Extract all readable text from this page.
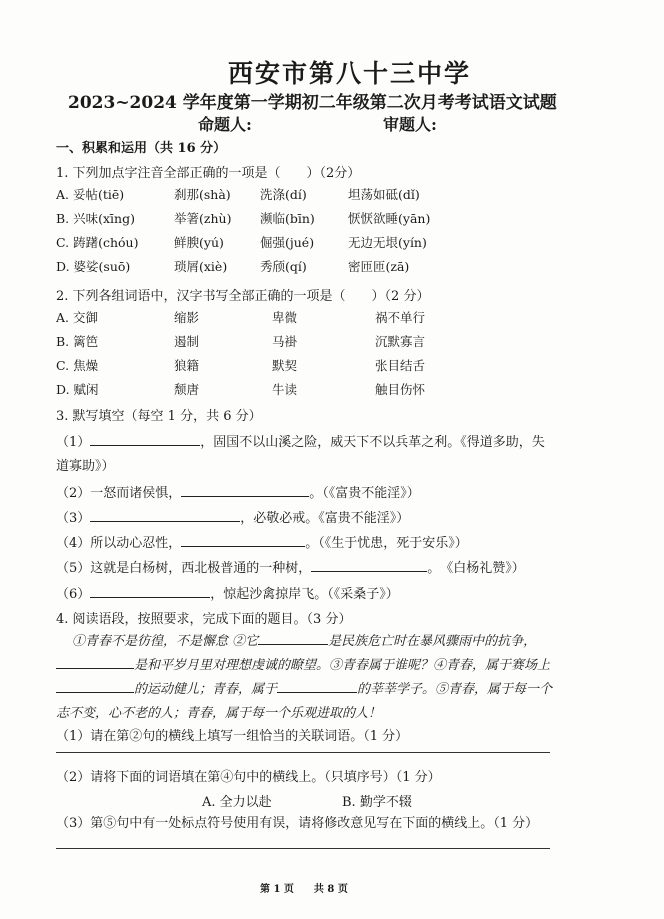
西安市第八十三中学
2023~2024 学年度第一学期初二年级第二次月考考试语文试题
命题人:	审题人:
一、积累和运用（共 16 分）
1. 下列加点字注音全部正确的一项是（　　）（2分）
A. 妥帖(tiē)	刹那(shà) 洗涤(dí)	坦荡如砥(dǐ)
B. 兴味(xīng)	举箸(zhù) 濒临(bīn)	恹恹欲睡(yān)
C. 踌躇(chóu)	鲜腴(yú)	倔强(jué)	无边无垠(yín)
D. 婆娑(suō)	琐屑(xiè)	秀颀(qí)	密匝匝(zā)
2. 下列各组词语中，汉字书写全部正确的一项是（　　）（2 分）
A. 交御	缩影	卑微	祸不单行
B. 篱笆	遏制	马褂	沉默寡言
C. 焦燥	狼籍	默契	张目结舌
D. 赋闲	颓唐	牛读	触目伤怀
3. 默写填空（每空 1 分，共 6 分）
（1）	，固国不以山溪之险，威天下不以兵革之利。《得道多助，失
道寡助》）
（2）一怒而诸侯惧，	。（《富贵不能淫》）
（3）	，必敬必戒。《富贵不能淫》）
（4）所以动心忍性，	。（《生于忧患，死于安乐》）
（5）这就是白杨树，西北极普通的一种树，	。　《白杨礼赞》）
（6）	，惊起沙禽掠岸飞。（《采桑子》）
4. 阅读语段，按照要求，完成下面的题目。（3 分）
①青春不是彷徨，不是懈怠 ②它	是民族危亡时在暴风骤雨中的抗争，
是和平岁月里对理想虔诚的瞭望。③青春属于谁呢？④青春，属于赛场上
的运动健儿；青春，属于	的莘莘学子。⑤青春，属于每一个
志不变，心不老的人；青春，属于每一个乐观进取的人！
（1）请在第②句的横线上填写一组恰当的关联词语。（1 分）
（2）请将下面的词语填在第④句中的横线上。（只填序号）（1 分）
A. 全力以赴	B. 勤学不辍
（3）第⑤句中有一处标点符号使用有误，请将修改意见写在下面的横线上。（1 分）
第 1 页　　共 8 页
